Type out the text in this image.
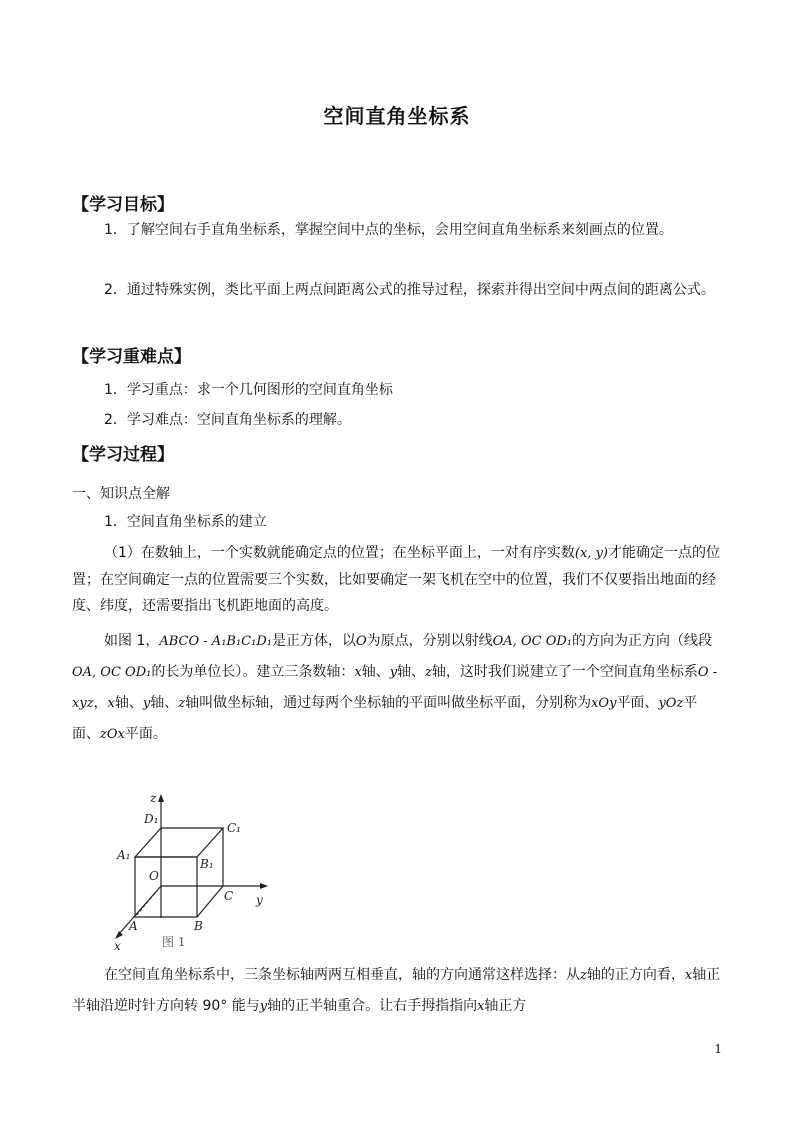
空间直角坐标系
【学习目标】
1．了解空间右手直角坐标系，掌握空间中点的坐标，会用空间直角坐标系来刻画点的位置。
2．通过特殊实例，类比平面上两点间距离公式的推导过程，探索并得出空间中两点间的距离公式。
【学习重难点】
1．学习重点：求一个几何图形的空间直角坐标
2．学习难点：空间直角坐标系的理解。
【学习过程】
一、知识点全解
1．空间直角坐标系的建立
（1）在数轴上，一个实数就能确定点的位置；在坐标平面上，一对有序实数(x, y)才能确定一点的位置；在空间确定一点的位置需要三个实数，比如要确定一架飞机在空中的位置，我们不仅要指出地面的经度、纬度，还需要指出飞机距地面的高度。
如图 1，ABCO - A₁B₁C₁D₁是正方体，以O为原点，分别以射线OA, OC OD₁的方向为正方向（线段OA, OC OD₁的长为单位长）。建立三条数轴：x轴、y轴、z轴，这时我们说建立了一个空间直角坐标系O - xyz，x轴、y轴、z轴叫做坐标轴，通过每两个坐标轴的平面叫做坐标平面，分别称为xOy平面、yOz平面、zOx平面。
z
D₁
C₁
A₁
B₁
O
C y
A	B
x	图 1
在空间直角坐标系中，三条坐标轴两两互相垂直，轴的方向通常这样选择：从z轴的正方向看，x轴正半轴沿逆时针方向转 90° 能与y轴的正半轴重合。让右手拇指指向x轴正方
1
